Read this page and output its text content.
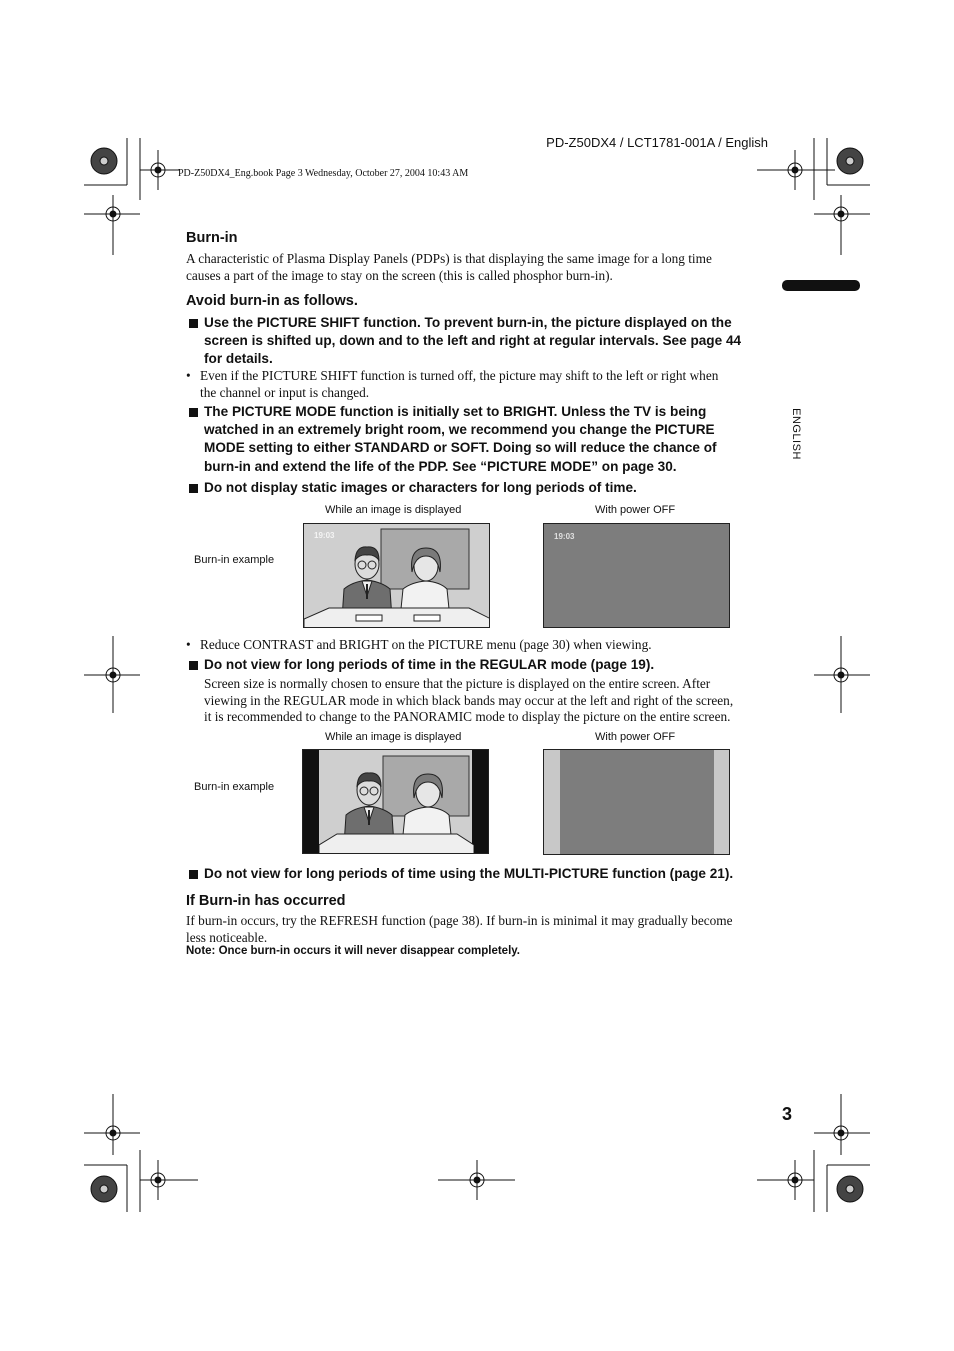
PD-Z50DX4 / LCT1781-001A / English
PD-Z50DX4_Eng.book Page 3 Wednesday, October 27, 2004 10:43 AM
ENGLISH
Burn-in
A characteristic of Plasma Display Panels (PDPs) is that displaying the same image for a long time
causes a part of the image to stay on the screen (this is called phosphor burn-in).
Avoid burn-in as follows.
Use the PICTURE SHIFT function. To prevent burn-in, the picture displayed on the
screen is shifted up, down and to the left and right at regular intervals. See page 44
for details.
• Even if the PICTURE SHIFT function is turned off, the picture may shift to the left or right when
the channel or input is changed.
The PICTURE MODE function is initially set to BRIGHT. Unless the TV is being
watched in an extremely bright room, we recommend you change the PICTURE
MODE setting to either STANDARD or SOFT. Doing so will reduce the chance of
burn-in and extend the life of the PDP. See “PICTURE MODE” on page 30.
Do not display static images or characters for long periods of time.
While an image is displayed	With power OFF
Burn-in example
19:03	19:03
• Reduce CONTRAST and BRIGHT on the PICTURE menu (page 30) when viewing.
Do not view for long periods of time in the REGULAR mode (page 19).
Screen size is normally chosen to ensure that the picture is displayed on the entire screen. After
viewing in the REGULAR mode in which black bands may occur at the left and right of the screen,
it is recommended to change to the PANORAMIC mode to display the picture on the entire screen.
While an image is displayed	With power OFF
Burn-in example
Do not view for long periods of time using the MULTI-PICTURE function (page 21).
If Burn-in has occurred
If burn-in occurs, try the REFRESH function (page 38). If burn-in is minimal it may gradually become
less noticeable.
Note: Once burn-in occurs it will never disappear completely.
3
